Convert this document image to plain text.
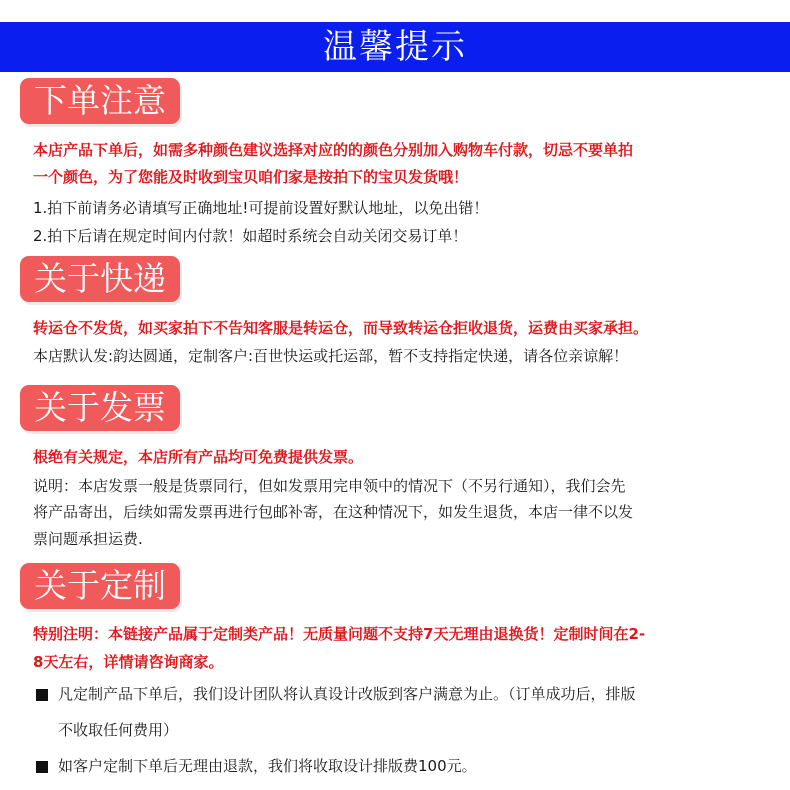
温馨提示
下单注意
本店产品下单后，如需多种颜色建议选择对应的的颜色分别加入购物车付款，切忌不要单拍
一个颜色，为了您能及时收到宝贝咱们家是按拍下的宝贝发货哦！
1.拍下前请务必请填写正确地址!可提前设置好默认地址，以免出错！
2.拍下后请在规定时间内付款！如超时系统会自动关闭交易订单！
关于快递
转运仓不发货，如买家拍下不告知客服是转运仓，而导致转运仓拒收退货，运费由买家承担。
本店默认发:韵达圆通，定制客户:百世快运或托运部，暂不支持指定快递，请各位亲谅解！
关于发票
根绝有关规定，本店所有产品均可免费提供发票。
说明：本店发票一般是货票同行，但如发票用完申领中的情况下（不另行通知），我们会先
将产品寄出，后续如需发票再进行包邮补寄，在这种情况下，如发生退货，本店一律不以发
票问题承担运费.
关于定制
特别注明：本链接产品属于定制类产品！无质量问题不支持7天无理由退换货！定制时间在2-
8天左右，详情请咨询商家。
凡定制产品下单后，我们设计团队将认真设计改版到客户满意为止。（订单成功后，排版
不收取任何费用）
如客户定制下单后无理由退款，我们将收取设计排版费100元。
